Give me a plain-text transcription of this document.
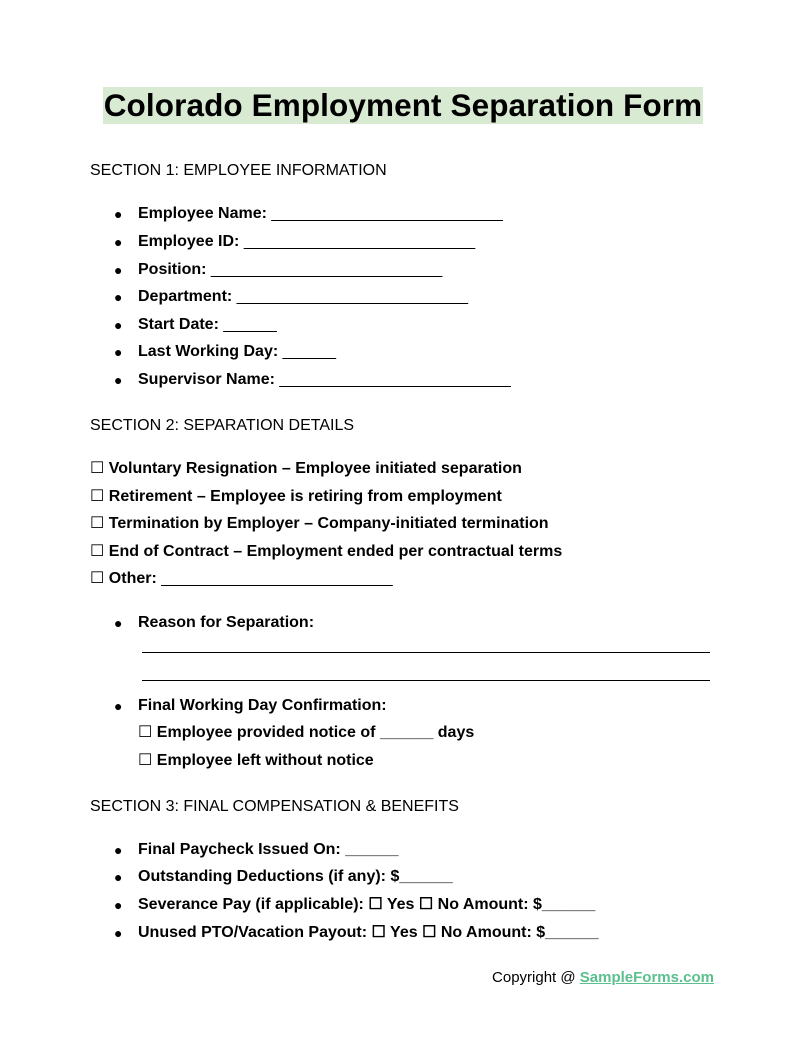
Colorado Employment Separation Form
SECTION 1: EMPLOYEE INFORMATION
● Employee Name: __________________________
● Employee ID: __________________________
● Position: __________________________
● Department: __________________________
● Start Date: ______
● Last Working Day: ______
● Supervisor Name: __________________________
SECTION 2: SEPARATION DETAILS
☐ Voluntary Resignation – Employee initiated separation
☐ Retirement – Employee is retiring from employment
☐ Termination by Employer – Company-initiated termination
☐ End of Contract – Employment ended per contractual terms
☐ Other: __________________________
● Reason for Separation:
● Final Working Day Confirmation:
☐ Employee provided notice of ______ days
☐ Employee left without notice
SECTION 3: FINAL COMPENSATION & BENEFITS
● Final Paycheck Issued On: ______
● Outstanding Deductions (if any): $______
● Severance Pay (if applicable): ☐ Yes ☐ No Amount: $______
● Unused PTO/Vacation Payout: ☐ Yes ☐ No Amount: $______
Copyright @ SampleForms.com
